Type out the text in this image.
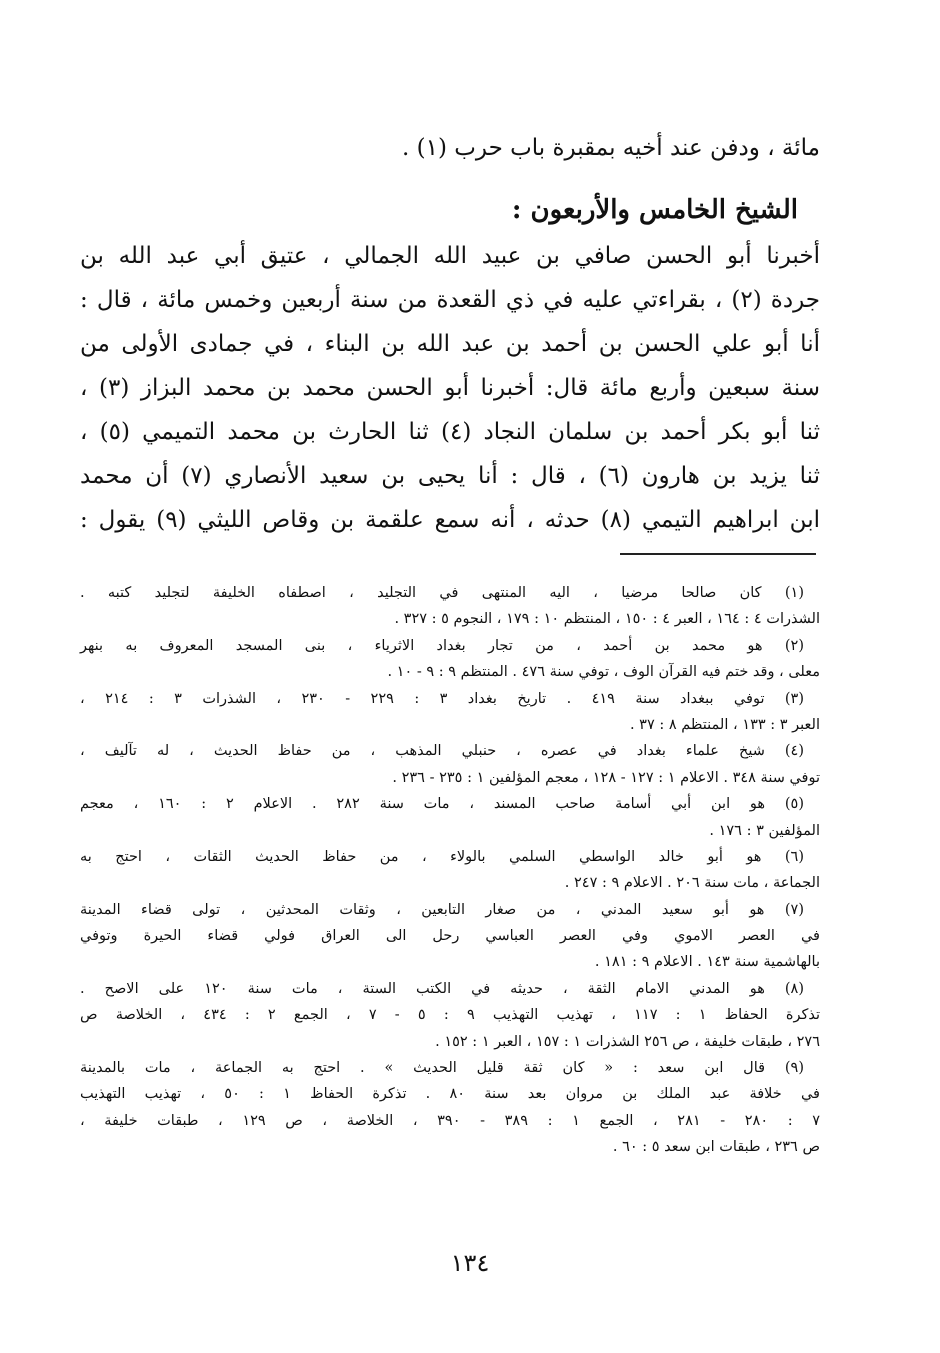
مائة ، ودفن عند أخيه بمقبرة باب حرب (١) .
الشيخ الخامس والأربعون :
أخبرنا أبو الحسن صافي بن عبيد الله الجمالي ، عتيق أبي عبد الله بن
جردة (٢) ، بقراءتي عليه في ذي القعدة من سنة أربعين وخمس مائة ، قال :
أنا أبو علي الحسن بن أحمد بن عبد الله بن البناء ، في جمادى الأولى من
سنة سبعين وأربع مائة قال: أخبرنا أبو الحسن محمد بن محمد البزاز (٣) ،
ثنا أبو بكر أحمد بن سلمان النجاد (٤) ثنا الحارث بن محمد التميمي (٥) ،
ثنا يزيد بن هارون (٦) ، قال : أنا يحيى بن سعيد الأنصاري (٧) أن محمد
ابن ابراهيم التيمي (٨) حدثه ، أنه سمع علقمة بن وقاص الليثي (٩) يقول :
(١) كان صالحا مرضيا ، اليه المنتهى في التجليد ، اصطفاه الخليفة لتجليد كتبه .
الشذرات ٤ : ١٦٤ ، العبر ٤ : ١٥٠ ، المنتظم ١٠ : ١٧٩ ، النجوم ٥ : ٣٢٧ .
(٢) هو محمد بن أحمد ، من تجار بغداد الاثرياء ، بنى المسجد المعروف به بنهر
معلى ، وقد ختم فيه القرآن الوف ، توفي سنة ٤٧٦ . المنتظم ٩ : ٩ - ١٠ .
(٣) توفي ببغداد سنة ٤١٩ . تاريخ بغداد ٣ : ٢٢٩ - ٢٣٠ ، الشذرات ٣ : ٢١٤ ،
العبر ٣ : ١٣٣ ، المنتظم ٨ : ٣٧ .
(٤) شيخ علماء بغداد في عصره ، حنبلي المذهب ، من حفاظ الحديث ، له تآليف ،
توفي سنة ٣٤٨ . الاعلام ١ : ١٢٧ - ١٢٨ ، معجم المؤلفين ١ : ٢٣٥ - ٢٣٦ .
(٥) هو ابن أبي أسامة صاحب المسند ، مات سنة ٢٨٢ . الاعلام ٢ : ١٦٠ ، معجم
المؤلفين ٣ : ١٧٦ .
(٦) هو أبو خالد الواسطي السلمي بالولاء ، من حفاظ الحديث الثقات ، احتج به
الجماعة ، مات سنة ٢٠٦ . الاعلام ٩ : ٢٤٧ .
(٧) هو أبو سعيد المدني ، من صغار التابعين ، وثقات المحدثين ، تولى قضاء المدينة
في العصر الاموي وفي العصر العباسي رحل الى العراق فولي قضاء الحيرة وتوفي
بالهاشمية سنة ١٤٣ . الاعلام ٩ : ١٨١ .
(٨) هو المدني الامام الثقة ، حديثه في الكتب الستة ، مات سنة ١٢٠ على الاصح .
تذكرة الحفاظ ١ : ١١٧ ، تهذيب التهذيب ٩ : ٥ - ٧ ، الجمع ٢ : ٤٣٤ ، الخلاصة ص
٢٧٦ ، طبقات خليفة ، ص ٢٥٦ الشذرات ١ : ١٥٧ ، العبر ١ : ١٥٢ .
(٩) قال ابن سعد : « كان ثقة قليل الحديث » . احتج به الجماعة ، مات بالمدينة
في خلافة عبد الملك بن مروان بعد سنة ٨٠ . تذكرة الحفاظ ١ : ٥٠ ، تهذيب التهذيب
٧ : ٢٨٠ - ٢٨١ ، الجمع ١ : ٣٨٩ - ٣٩٠ ، الخلاصة ، ص ١٢٩ ، طبقات خليفة ،
ص ٢٣٦ ، طبقات ابن سعد ٥ : ٦٠ .
١٣٤
